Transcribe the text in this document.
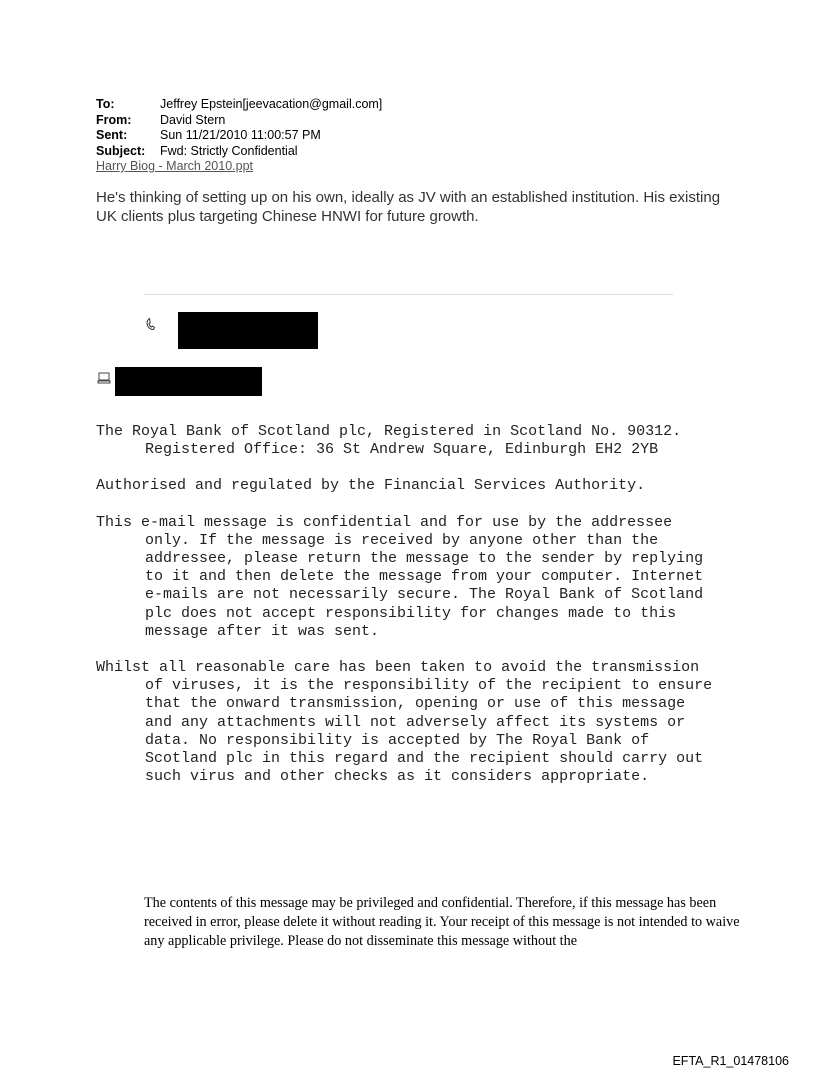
To:	Jeffrey Epstein[jeevacation@gmail.com]
From:	David Stern
Sent:	Sun 11/21/2010 11:00:57 PM
Subject:	Fwd: Strictly Confidential
Harry Biog - March 2010.ppt
He's thinking of setting up on his own, ideally as JV with an established institution. His existing UK clients plus targeting Chinese HNWI for future growth.

The Royal Bank of Scotland plc, Registered in Scotland No. 90312. Registered Office: 36 St Andrew Square, Edinburgh EH2 2YB

Authorised and regulated by the Financial Services Authority.

This e-mail message is confidential and for use by the addressee only. If the message is received by anyone other than the addressee, please return the message to the sender by replying to it and then delete the message from your computer. Internet e-mails are not necessarily secure. The Royal Bank of Scotland plc does not accept responsibility for changes made to this message after it was sent.

Whilst all reasonable care has been taken to avoid the transmission of viruses, it is the responsibility of the recipient to ensure that the onward transmission, opening or use of this message and any attachments will not adversely affect its systems or data. No responsibility is accepted by The Royal Bank of Scotland plc in this regard and the recipient should carry out such virus and other checks as it considers appropriate.

The contents of this message may be privileged and confidential. Therefore, if this message has been received in error, please delete it without reading it. Your receipt of this message is not intended to waive any applicable privilege. Please do not disseminate this message without the
EFTA_R1_01478106
